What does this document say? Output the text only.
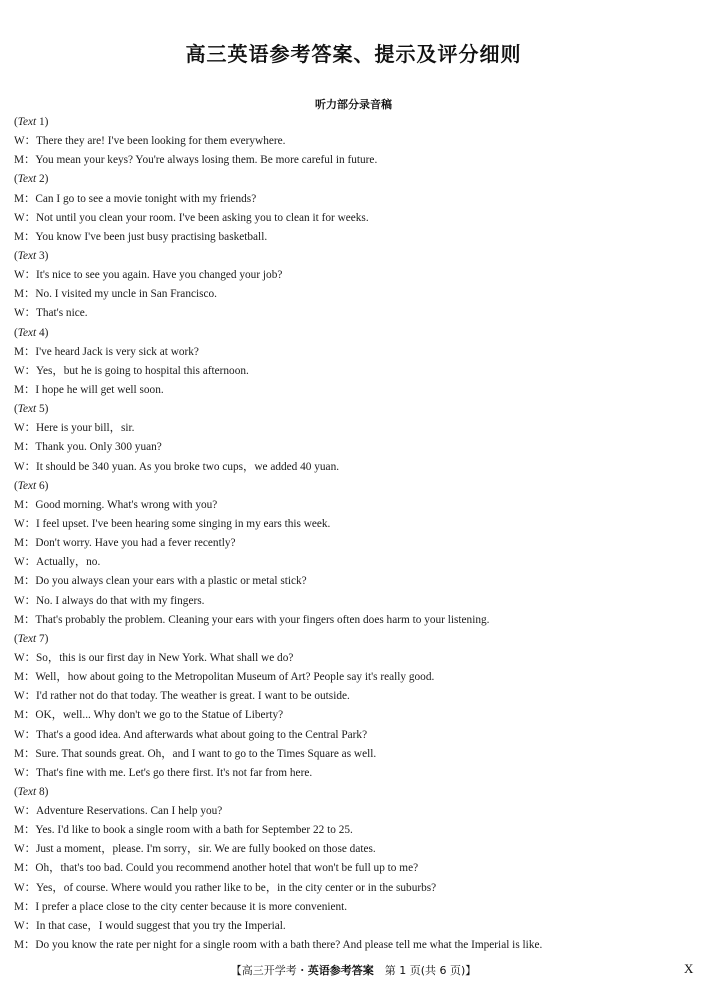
高三英语参考答案、提示及评分细则
听力部分录音稿
(Text 1)
W：There they are! I've been looking for them everywhere.
M：You mean your keys? You're always losing them. Be more careful in future.
(Text 2)
M：Can I go to see a movie tonight with my friends?
W：Not until you clean your room. I've been asking you to clean it for weeks.
M：You know I've been just busy practising basketball.
(Text 3)
W：It's nice to see you again. Have you changed your job?
M：No. I visited my uncle in San Francisco.
W：That's nice.
(Text 4)
M：I've heard Jack is very sick at work?
W：Yes，but he is going to hospital this afternoon.
M：I hope he will get well soon.
(Text 5)
W：Here is your bill，sir.
M：Thank you. Only 300 yuan?
W：It should be 340 yuan. As you broke two cups，we added 40 yuan.
(Text 6)
M：Good morning. What's wrong with you?
W：I feel upset. I've been hearing some singing in my ears this week.
M：Don't worry. Have you had a fever recently?
W：Actually，no.
M：Do you always clean your ears with a plastic or metal stick?
W：No. I always do that with my fingers.
M：That's probably the problem. Cleaning your ears with your fingers often does harm to your listening.
(Text 7)
W：So，this is our first day in New York. What shall we do?
M：Well，how about going to the Metropolitan Museum of Art? People say it's really good.
W：I'd rather not do that today. The weather is great. I want to be outside.
M：OK，well... Why don't we go to the Statue of Liberty?
W：That's a good idea. And afterwards what about going to the Central Park?
M：Sure. That sounds great. Oh，and I want to go to the Times Square as well.
W：That's fine with me. Let's go there first. It's not far from here.
(Text 8)
W：Adventure Reservations. Can I help you?
M：Yes. I'd like to book a single room with a bath for September 22 to 25.
W：Just a moment，please. I'm sorry，sir. We are fully booked on those dates.
M：Oh，that's too bad. Could you recommend another hotel that won't be full up to me?
W：Yes，of course. Where would you rather like to be，in the city center or in the suburbs?
M：I prefer a place close to the city center because it is more convenient.
W：In that case，I would suggest that you try the Imperial.
M：Do you know the rate per night for a single room with a bath there? And please tell me what the Imperial is like.
【高三开学考・英语参考答案　第 1 页(共 6 页)】	X
